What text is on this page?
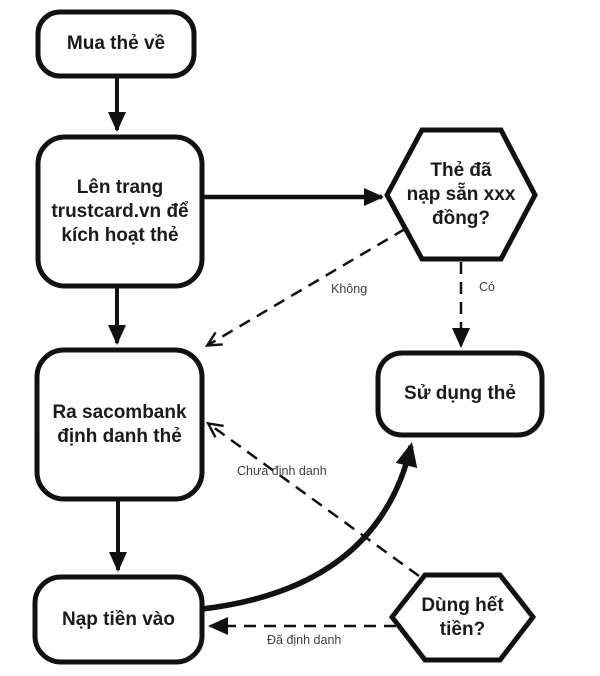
Mua thẻ về
Lên trang
trustcard.vn để
kích hoạt thẻ
Thẻ đã
nạp sẵn xxx
đồng?
Ra sacombank
định danh thẻ
Sử dụng thẻ
Nạp tiền vào
Dùng hết
tiền?
Không	Có
Chưa định danh
Đã định danh
